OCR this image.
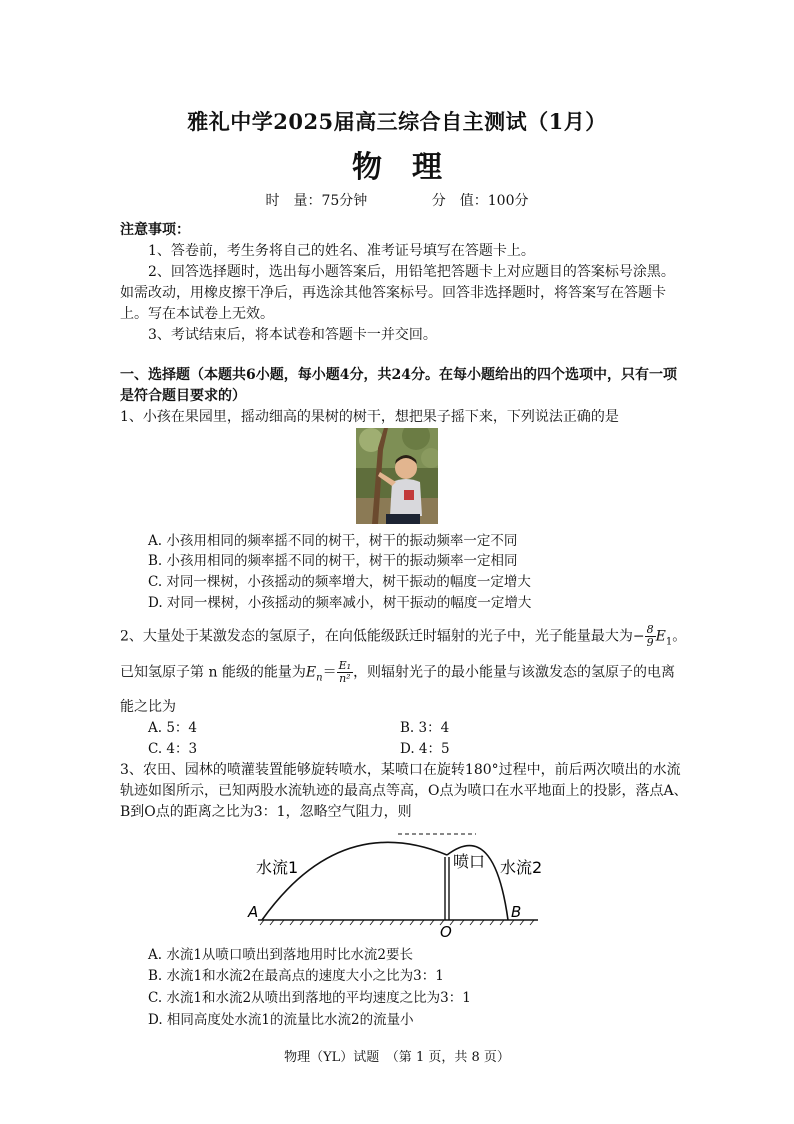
雅礼中学2025届高三综合自主测试（1月）
物理
时　量：75分钟	分　值：100分
注意事项：
1、答卷前，考生务将自己的姓名、准考证号填写在答题卡上。
2、回答选择题时，选出每小题答案后，用铅笔把答题卡上对应题目的答案标号涂黑。如需改动，用橡皮擦干净后，再选涂其他答案标号。回答非选择题时，将答案写在答题卡上。写在本试卷上无效。
3、考试结束后，将本试卷和答题卡一并交回。
一、选择题（本题共6小题，每小题4分，共24分。在每小题给出的四个选项中，只有一项是符合题目要求的）
1、小孩在果园里，摇动细高的果树的树干，想把果子摇下来，下列说法正确的是
A. 小孩用相同的频率摇不同的树干，树干的振动频率一定不同
B. 小孩用相同的频率摇不同的树干，树干的振动频率一定相同
C. 对同一棵树，小孩摇动的频率增大，树干振动的幅度一定增大
D. 对同一棵树，小孩摇动的频率减小，树干振动的幅度一定增大
2、大量处于某激发态的氢原子，在向低能级跃迁时辐射的光子中，光子能量最大为− $\frac{8}{9} E_1$。
已知氢原子第 n 能级的能量为$E_n= \frac{\text{E₁}}{\text{n²}}$ ，则辐射光子的最小能量与该激发态的氢原子的电离
能之比为
A. 5：4	B. 3：4
C. 4：3	D. 4：5
3、农田、园林的喷灌装置能够旋转喷水，某喷口在旋转180°过程中，前后两次喷出的水流轨迹如图所示，已知两股水流轨迹的最高点等高，O点为喷口在水平地面上的投影，落点A、B到O点的距离之比为3：1，忽略空气阻力，则
水流1	喷口 水流2
A
O
B
A. 水流1从喷口喷出到落地用时比水流2要长
B. 水流1和水流2在最高点的速度大小之比为3：1
C. 水流1和水流2从喷出到落地的平均速度之比为3：1
D. 相同高度处水流1的流量比水流2的流量小
物理（YL）试题　（第 1 页，共 8 页）
